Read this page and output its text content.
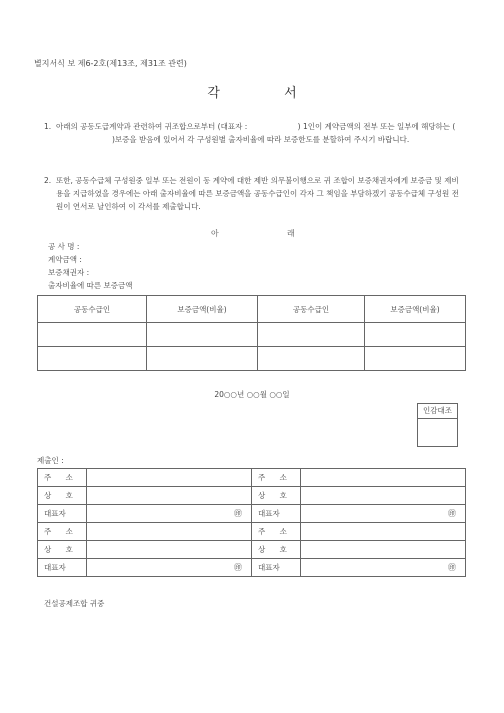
별지서식 보 제6-2호(제13조, 제31조 관련)
각 서
1. 아래의 공동도급계약과 관련하여 귀조합으로부터 (대표자 :	) 1인이 계약금액의 전부 또는 일부에 해당하는 ()보증을 받음에 있어서 각 구성원별 출자비율에 따라 보증한도를 분할하여 주시기 바랍니다.
2. 또한, 공동수급체 구성원중 일부 또는 전원이 동 계약에 대한 제반 의무불이행으로 귀 조합이 보증채권자에게 보증금 및 제비용을 지급하였을 경우에는 아래 출자비율에 따른 보증금액을 공동수급인이 각자 그 책임을 부담하겠기 공동수급체 구성원 전원이 연서로 날인하여 이 각서를 제출합니다.
아	래
공 사 명 :
계약금액 :
보증채권자 :
출자비율에 따른 보증금액
공동수급인	보증금액(비율)	공동수급인	보증금액(비율)

20○○년 ○○월 ○○일
인감대조
제출인 :
주 소		주 소	
상 호		상 호	
대표자	㊞	대표자	㊞

주 소		주 소	
상 호		상 호	
대표자	㊞	대표자	㊞
건설공제조합 귀중
